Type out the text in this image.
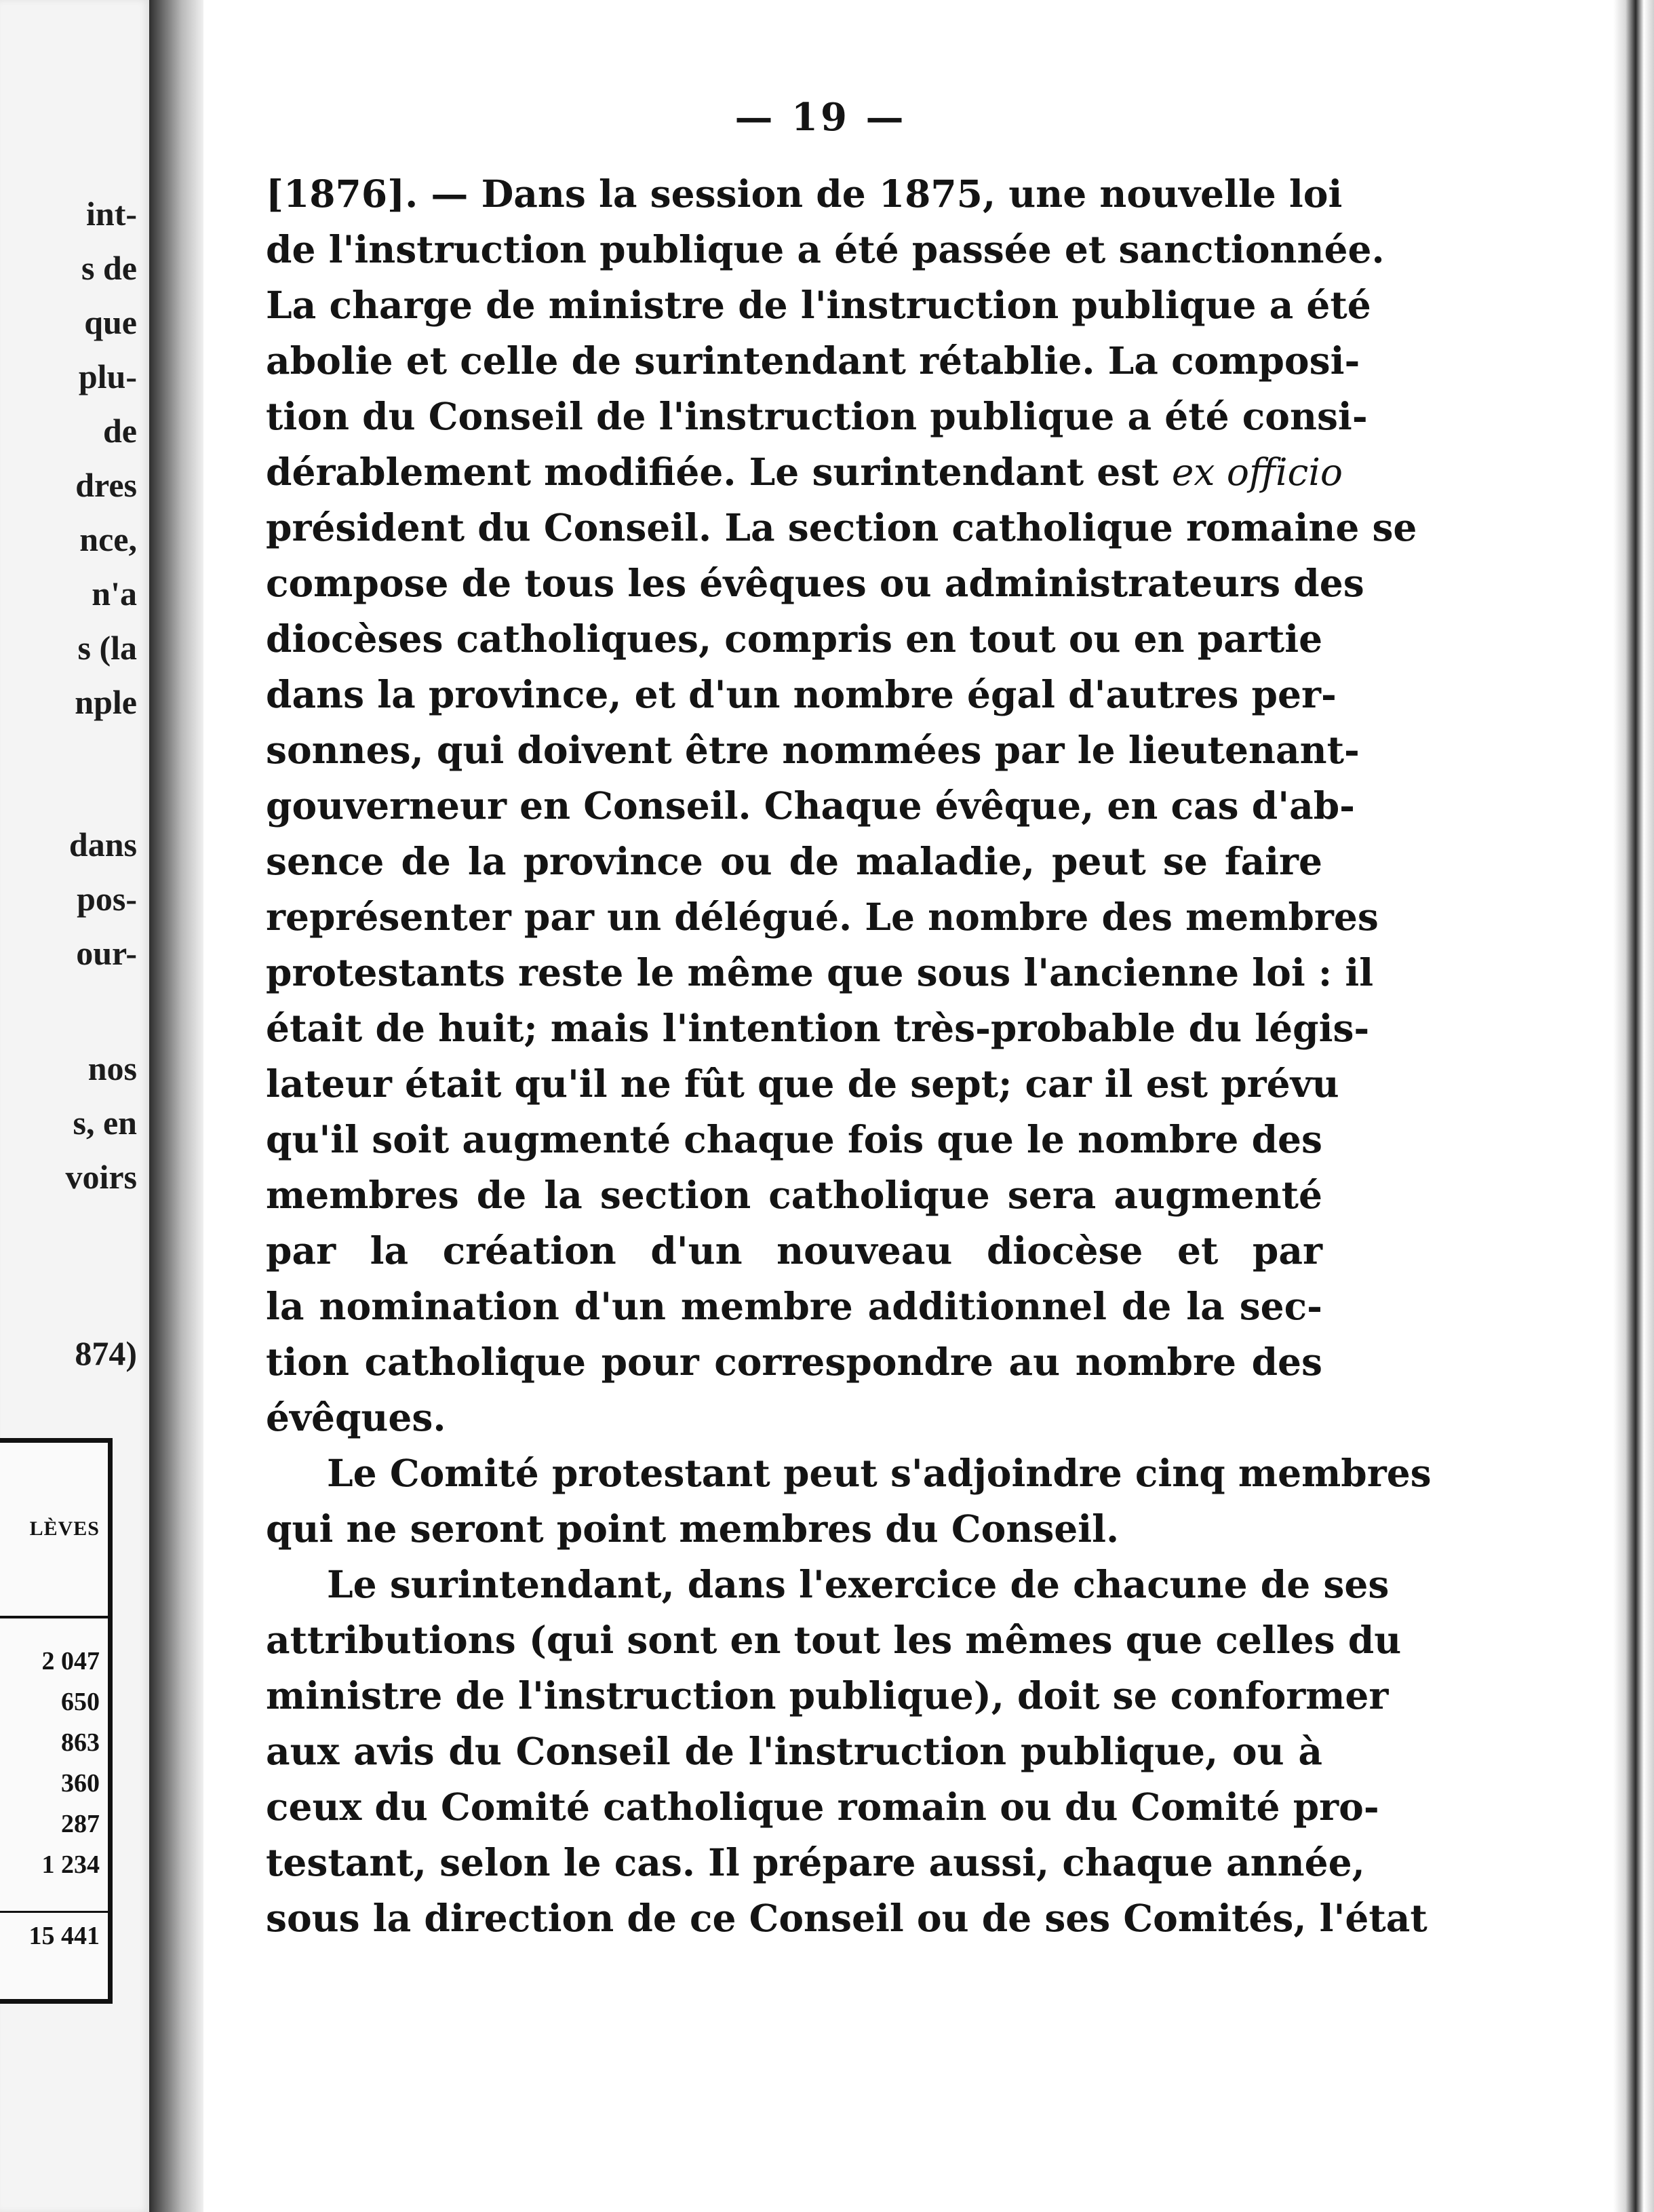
int-
s de
que
plu-
de
dres
nce,
n'a
s (la
nple
dans
pos-
our-
nos
s, en
voirs
874)
LÈVES
2 047
650
863
360
287
1 234
15 441
— 19 —
[1876]. — Dans la session de 1875, une nouvelle loi
de l'instruction publique a été passée et sanctionnée.
La charge de ministre de l'instruction publique a été
abolie et celle de surintendant rétablie. La composi-
tion du Conseil de l'instruction publique a été consi-
dérablement modifiée. Le surintendant est ex officio
président du Conseil. La section catholique romaine se
compose de tous les évêques ou administrateurs des
diocèses catholiques, compris en tout ou en partie
dans la province, et d'un nombre égal d'autres per-
sonnes, qui doivent être nommées par le lieutenant-
gouverneur en Conseil. Chaque évêque, en cas d'ab-
sence de la province ou de maladie, peut se faire
représenter par un délégué. Le nombre des membres
protestants reste le même que sous l'ancienne loi : il
était de huit; mais l'intention très-probable du légis-
lateur était qu'il ne fût que de sept; car il est prévu
qu'il soit augmenté chaque fois que le nombre des
membres de la section catholique sera augmenté
par la création d'un nouveau diocèse et par
la nomination d'un membre additionnel de la sec-
tion catholique pour correspondre au nombre des
évêques.
Le Comité protestant peut s'adjoindre cinq membres
qui ne seront point membres du Conseil.
Le surintendant, dans l'exercice de chacune de ses
attributions (qui sont en tout les mêmes que celles du
ministre de l'instruction publique), doit se conformer
aux avis du Conseil de l'instruction publique, ou à
ceux du Comité catholique romain ou du Comité pro-
testant, selon le cas. Il prépare aussi, chaque année,
sous la direction de ce Conseil ou de ses Comités, l'état
